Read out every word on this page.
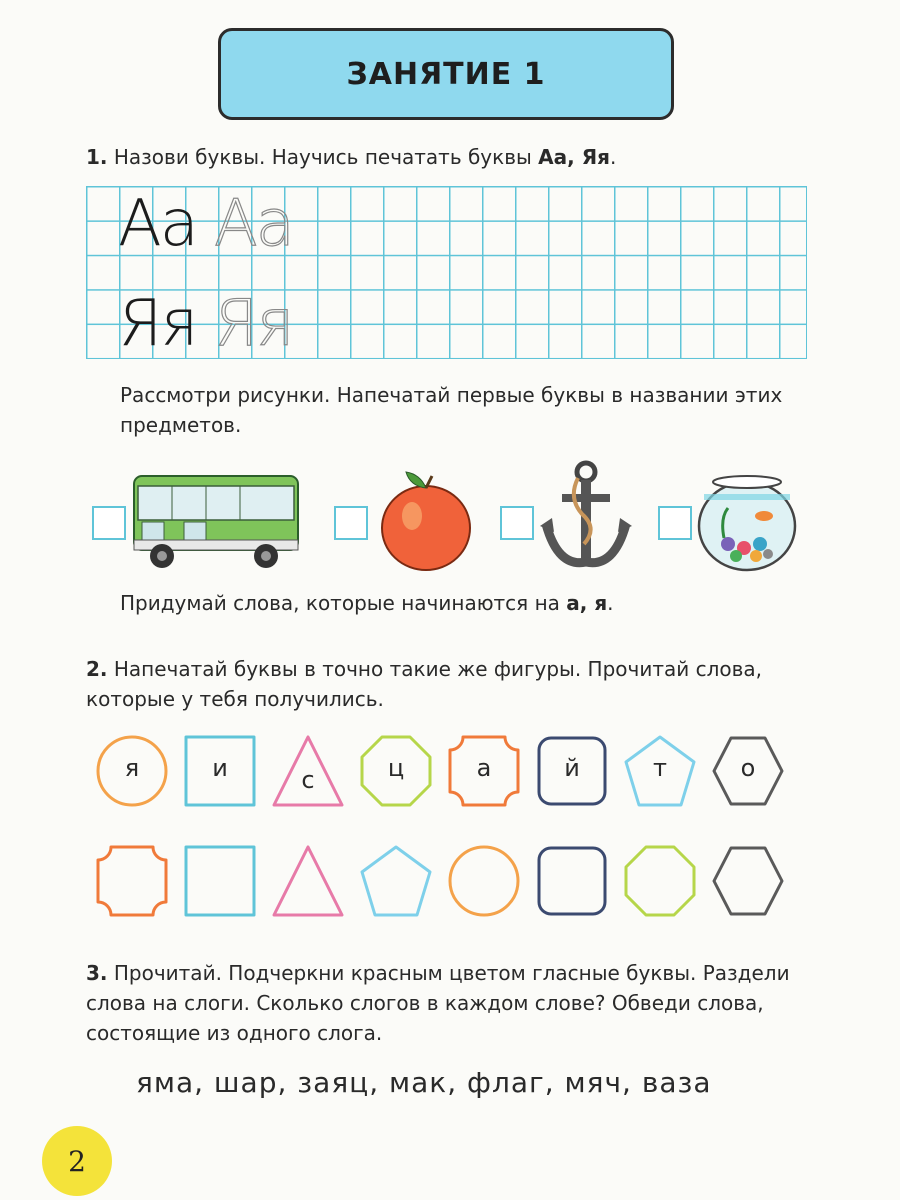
ЗАНЯТИЕ 1
1. Назови буквы. Научись печатать буквы Аа, Яя.
Аа Аа
Яя Яя
Рассмотри рисунки. Напечатай первые буквы в названии этих предметов.
Придумай слова, которые начинаются на а, я.
2. Напечатай буквы в точно такие же фигуры. Прочитай слова, которые у тебя получились.
я	и	с	ц	а	й	т	о
3. Прочитай. Подчеркни красным цветом гласные буквы. Раздели слова на слоги. Сколько слогов в каждом слове? Обведи слова, состоящие из одного слога.
яма, шар, заяц, мак, флаг, мяч, ваза
2
